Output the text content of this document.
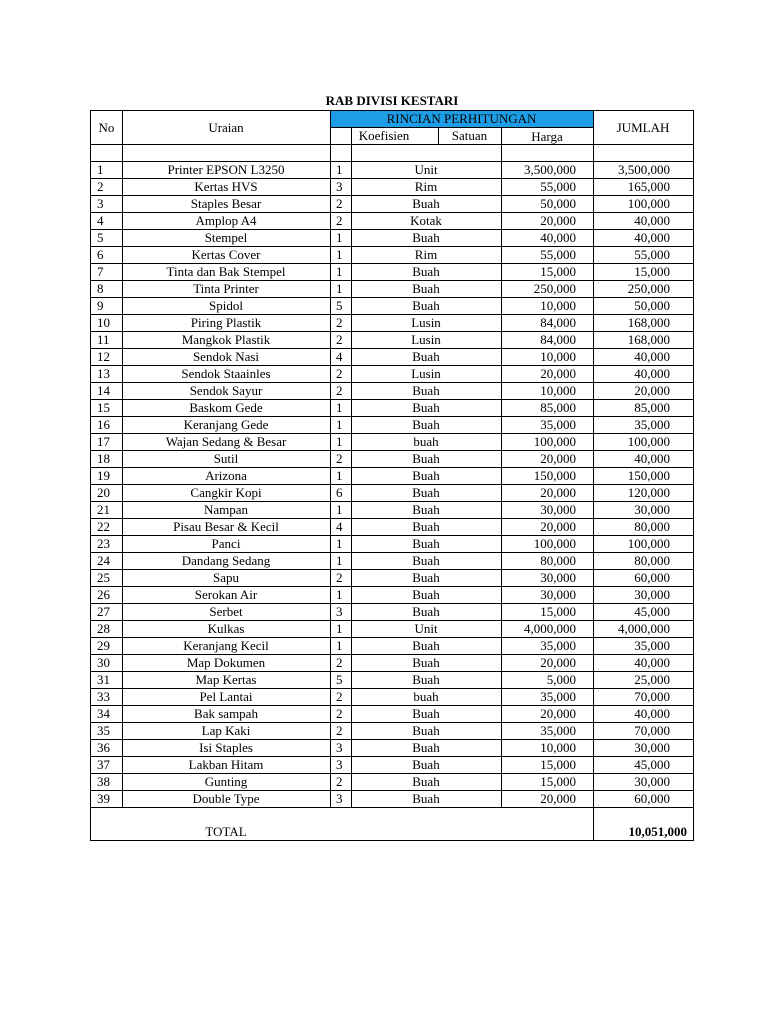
RAB DIVISI KESTARI
No	Uraian
RINCIAN PERHITUNGAN
Koefisien	Satuan	Harga
JUMLAH
1	Printer EPSON L3250	1	Unit	3,500,000	3,500,000
2	Kertas HVS	3	Rim	55,000	165,000
3	Staples Besar	2	Buah	50,000	100,000
4	Amplop A4	2	Kotak	20,000	40,000
5	Stempel	1	Buah	40,000	40,000
6	Kertas Cover	1	Rim	55,000	55,000
7	Tinta dan Bak Stempel	1	Buah	15,000	15,000
8	Tinta Printer	1	Buah	250,000	250,000
9	Spidol	5	Buah	10,000	50,000
10	Piring Plastik	2	Lusin	84,000	168,000
11	Mangkok Plastik	2	Lusin	84,000	168,000
12	Sendok Nasi	4	Buah	10,000	40,000
13	Sendok Staainles	2	Lusin	20,000	40,000
14	Sendok Sayur	2	Buah	10,000	20,000
15	Baskom Gede	1	Buah	85,000	85,000
16	Keranjang Gede	1	Buah	35,000	35,000
17	Wajan Sedang & Besar	1	buah	100,000	100,000
18	Sutil	2	Buah	20,000	40,000
19	Arizona	1	Buah	150,000	150,000
20	Cangkir Kopi	6	Buah	20,000	120,000
21	Nampan	1	Buah	30,000	30,000
22	Pisau Besar & Kecil	4	Buah	20,000	80,000
23	Panci	1	Buah	100,000	100,000
24	Dandang Sedang	1	Buah	80,000	80,000
25	Sapu	2	Buah	30,000	60,000
26	Serokan Air	1	Buah	30,000	30,000
27	Serbet	3	Buah	15,000	45,000
28	Kulkas	1	Unit	4,000,000	4,000,000
29	Keranjang Kecil	1	Buah	35,000	35,000
30	Map Dokumen	2	Buah	20,000	40,000
31	Map Kertas	5	Buah	5,000	25,000
33	Pel Lantai	2	buah	35,000	70,000
34	Bak sampah	2	Buah	20,000	40,000
35	Lap Kaki	2	Buah	35,000	70,000
36	Isi Staples	3	Buah	10,000	30,000
37	Lakban Hitam	3	Buah	15,000	45,000
38	Gunting	2	Buah	15,000	30,000
39	Double Type	3	Buah	20,000	60,000
TOTAL	10,051,000
